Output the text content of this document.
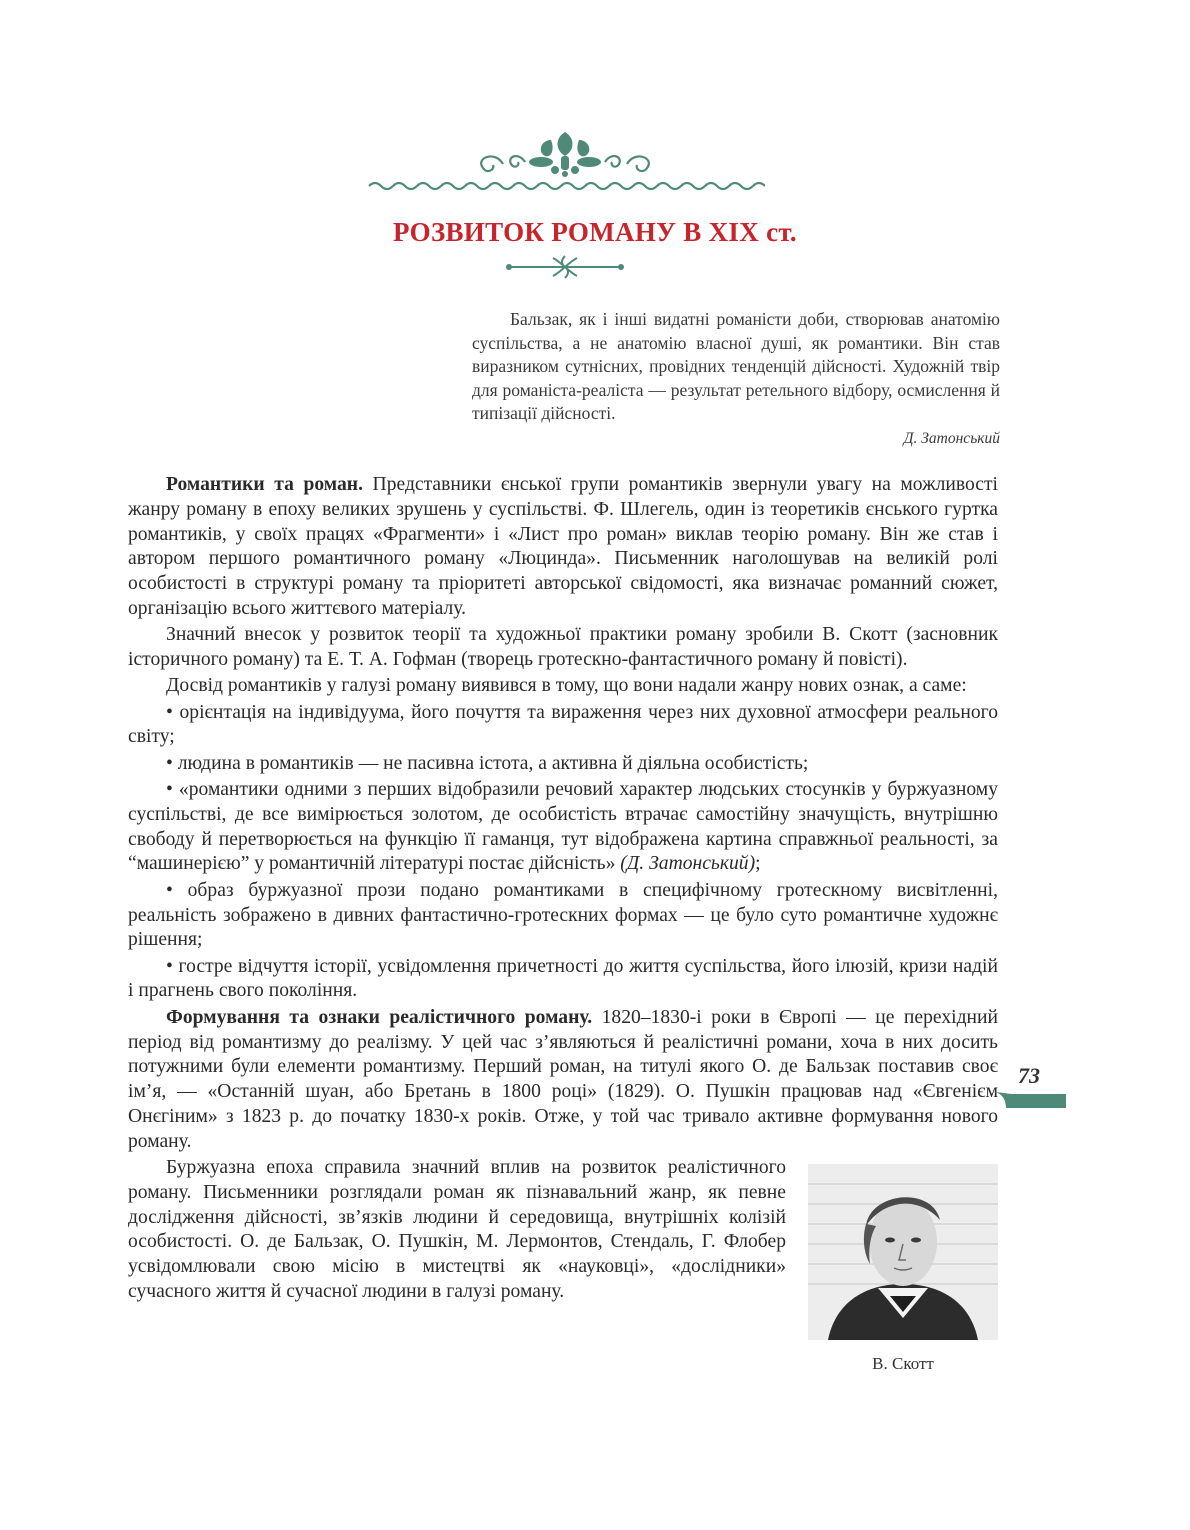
РОЗВИТОК РОМАНУ В XIX ст.

Бальзак, як і інші видатні романісти доби, створював анатомію суспільства, а не анатомію власної душі, як романтики. Він став виразником сутнісних, провідних тенденцій дійсності. Художній твір для романіста-реаліста — результат ретельного відбору, осмислення й типізації дійсності.

Д. Затонський

Романтики та роман. Представники єнської групи романтиків звернули увагу на можливості жанру роману в епоху великих зрушень у суспільстві. Ф. Шлегель, один із теоретиків єнського гуртка романтиків, у своїх працях «Фрагменти» і «Лист про роман» виклав теорію роману. Він же став і автором першого романтичного роману «Люцинда». Письменник наголошував на великій ролі особистості в структурі роману та пріоритеті авторської свідомості, яка визначає романний сюжет, організацію всього життєвого матеріалу.

Значний внесок у розвиток теорії та художньої практики роману зробили В. Скотт (засновник історичного роману) та Е. Т. А. Гофман (творець гротескно-фантастичного роману й повісті).

Досвід романтиків у галузі роману виявився в тому, що вони надали жанру нових ознак, а саме:

• орієнтація на індивідуума, його почуття та вираження через них духовної атмосфери реального світу;

• людина в романтиків — не пасивна істота, а активна й діяльна особистість;

• «романтики одними з перших відобразили речовий характер людських стосунків у буржуазному суспільстві, де все вимірюється золотом, де особистість втрачає самостійну значущість, внутрішню свободу й перетворюється на функцію її гаманця, тут відображена картина справжньої реальності, за “машинерією” у романтичній літературі постає дійсність» (Д. Затонський);

• образ буржуазної прози подано романтиками в специфічному гротескному висвітленні, реальність зображено в дивних фантастично-гротескних формах — це було суто романтичне художнє рішення;

• гостре відчуття історії, усвідомлення причетності до життя суспільства, його ілюзій, кризи надій і прагнень свого покоління.

Формування та ознаки реалістичного роману. 1820–1830-і роки в Європі — це перехідний період від романтизму до реалізму. У цей час з’являються й реалістичні романи, хоча в них досить потужними були елементи романтизму. Перший роман, на титулі якого О. де Бальзак поставив своє ім’я, — «Останній шуан, або Бретань в 1800 році» (1829). О. Пушкін працював над «Євгенієм Онєгіним» з 1823 р. до початку 1830-х років. Отже, у той час тривало активне формування нового роману.

В. Скотт

Буржуазна епоха справила значний вплив на розвиток реалістичного роману. Письменники розглядали роман як пізнавальний жанр, як певне дослідження дійсності, зв’язків людини й середовища, внутрішніх колізій особистості. О. де Бальзак, О. Пушкін, М. Лермонтов, Стендаль, Г. Флобер усвідомлювали свою місію в мистецтві як «науковці», «дослідники» сучасного життя й сучасної людини в галузі роману.

73
